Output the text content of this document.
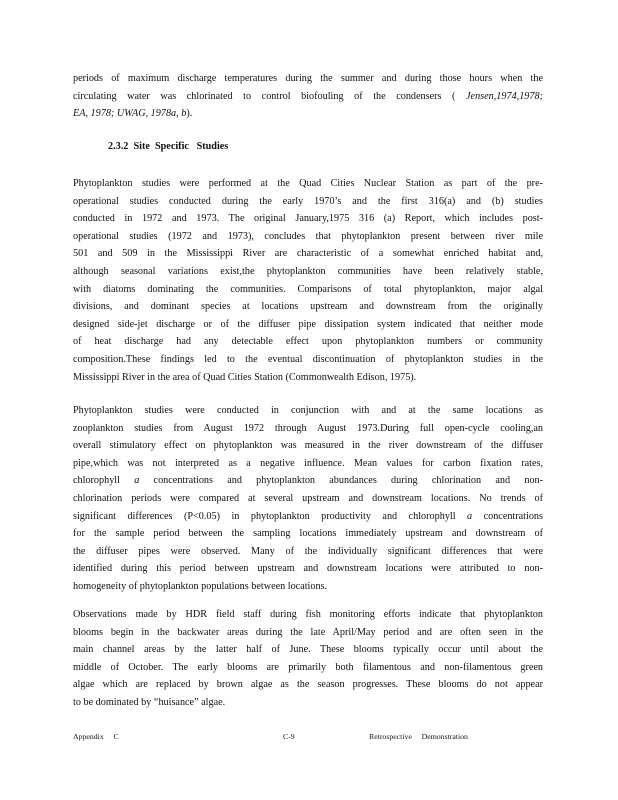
periods of maximum discharge temperatures during the summer and during those hours when the
circulating water was chlorinated to control biofouling of the condensers ( Jensen,1974,1978;
EA, 1978; UWAG, 1978a, b).

2.3.2 Site  Specific   Studies

Phytoplankton studies were performed at the Quad Cities Nuclear Station as part of the pre-
operational studies conducted during the early 1970’s and the first 316(a) and (b) studies
conducted in 1972 and 1973. The original January,1975 316 (a) Report, which includes post-
operational studies (1972 and 1973), concludes that phytoplankton present between river mile
501 and 509 in the Mississippi River are characteristic of a somewhat enriched habitat and,
although seasonal variations exist,the phytoplankton communities have been relatively stable,
with diatoms dominating the communities. Comparisons of total phytoplankton, major algal
divisions, and dominant species at locations upstream and downstream from the originally
designed side-jet discharge or of the diffuser pipe dissipation system indicated that neither mode
of heat discharge had any detectable effect upon phytoplankton numbers or community
composition.These findings led to the eventual discontinuation of phytoplankton studies in the
Mississippi River in the area of Quad Cities Station (Commonwealth Edison, 1975).

Phytoplankton studies were conducted in conjunction with and at the same locations as
zooplankton studies from August 1972 through August 1973.During full open-cycle cooling,an
overall stimulatory effect on phytoplankton was measured in the river downstream of the diffuser
pipe,which was not interpreted as a negative influence. Mean values for carbon fixation rates,
chlorophyll a concentrations and phytoplankton abundances during chlorination and non-
chlorination periods were compared at several upstream and downstream locations. No trends of
significant differences (P<0.05) in phytoplankton productivity and chlorophyll a concentrations
for the sample period between the sampling locations immediately upstream and downstream of
the diffuser pipes were observed. Many of the individually significant differences that were
identified during this period between upstream and downstream locations were attributed to non-
homogeneity of phytoplankton populations between locations.

Observations made by HDR field staff during fish monitoring efforts indicate that phytoplankton
blooms begin in the backwater areas during the late April/May period and are often seen in the
main channel areas by the latter half of June. These blooms typically occur until about the
middle of October. The early blooms are primarily both filamentous and non-filamentous green
algae which are replaced by brown algae as the season progresses. These blooms do not appear
to be dominated by “huisance” algae.

Appendix     C	C-9	Retrospective     Demonstration
